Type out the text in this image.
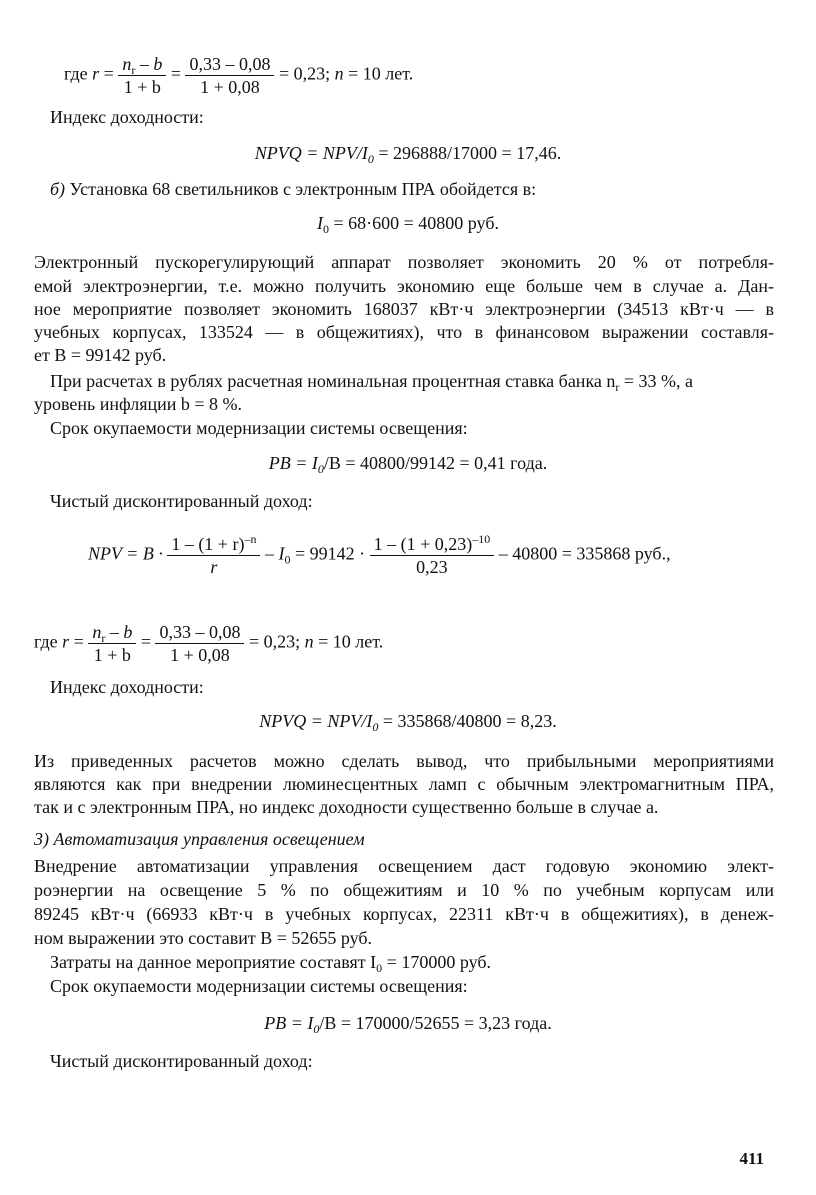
где $r = \frac{n_r - b}{1 + b} = \frac{0,33 - 0,08}{1 + 0,08} = 0,23$; n = 10 лет.
Индекс доходности:
NPVQ = NPV/$I_0 = 296888/17000 = 17,46$.
б) Установка 68 светильников с электронным ПРА обойдется в:
$I_0 = 68\cdot 600 = 40800$ руб.
Электронный пускорегулирующий аппарат позволяет экономить 20 % от потребля-
емой электроэнергии, т.е. можно получить экономию еще больше чем в случае a. Дан-
ное мероприятие позволяет экономить 168037 кВт·ч электроэнергии (34513 кВт·ч — в
учебных корпусах, 133524 — в общежитиях), что в финансовом выражении составля-
ет B = 99142 руб.
При расчетах в рублях расчетная номинальная процентная ставка банка $n_r = 33$ %, а
уровень инфляции b = 8 %.
Срок окупаемости модернизации системы освещения:
PB = $I_0/B = 40800/99142 = 0,41$ года.
Чистый дисконтированный доход:
NPV = $B \cdot \frac{1 - (1 + r)^{-n}}{r} - I_0 = 99142 \cdot \frac{1 - (1 + 0,23)^{-10}}{0,23} - 40800 = 335868$ руб.,
где $r = \frac{n_r - b}{1 + b} = \frac{0,33 - 0,08}{1 + 0,08} = 0,23$; n = 10 лет.
Индекс доходности:
NPVQ = NPV/$I_0 = 335868/40800 = 8,23$.
Из приведенных расчетов можно сделать вывод, что прибыльными мероприятиями
являются как при внедрении люминесцентных ламп с обычным электромагнитным ПРА,
так и с электронным ПРА, но индекс доходности существенно больше в случае a.
3) Автоматизация управления освещением
Внедрение автоматизации управления освещением даст годовую экономию элект-
роэнергии на освещение 5 % по общежитиям и 10 % по учебным корпусам или
89245 кВт·ч (66933 кВт·ч в учебных корпусах, 22311 кВт·ч в общежитиях), в денеж-
ном выражении это составит B = 52655 руб.
Затраты на данное мероприятие составят $I_0 = 170000$ руб.
Срок окупаемости модернизации системы освещения:
PB = $I_0/B = 170000/52655 = 3,23$ года.
Чистый дисконтированный доход:
411
